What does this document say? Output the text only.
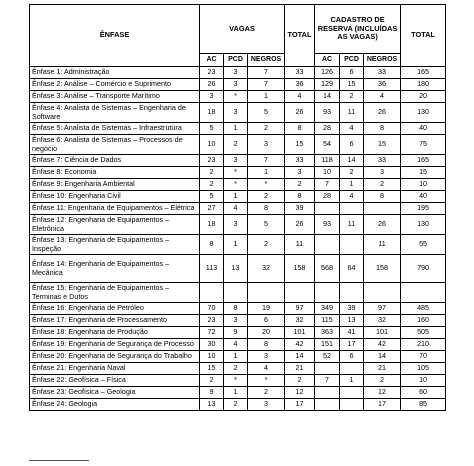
ÊNFASE	VAGAS			TOTAL	CADASTRO DE RESERVA (INCLUÍDAS AS VAGAS)			TOTAL
	AC	PCD	NEGROS		AC	PCD	NEGROS	
Ênfase 1: Administração	23	3	7	33	126	6	33	165
Ênfase 2: Análise – Comércio e Suprimento	26	3	7	36	129	15	36	180
Ênfase 3: Análise – Transporte Marítimo	3	*	1	4	14	2	4	20
Ênfase 4: Analista de Sistemas – Engenharia de Software	18	3	5	26	93	11	26	130
Ênfase 5: Analista de Sistemas – Infraestrutura	5	1	2	8	28	4	8	40
Ênfase 6: Analista de Sistemas – Processos de negócio	10	2	3	15	54	6	15	75
Ênfase 7: Ciência de Dados	23	3	7	33	118	14	33	165
Ênfase 8: Economia	2	*	1	3	10	2	3	15
Ênfase 9: Engenharia Ambiental	2	*	*	2	7	1	2	10
Ênfase 10: Engenharia Civil	5	1	2	8	28	4	8	40
Ênfase 11: Engenharia de Equipamentos – Elétrica	27	4	8	39				195
Ênfase 12: Engenharia de Equipamentos – Eletrônica	18	3	5	26	93	11	26	130
Ênfase 13: Engenharia de Equipamentos – Inspeção	8	1	2	11			11	55
Ênfase 14: Engenharia de Equipamentos – Mecânica	113	13	32	158	568	64	158	790
Ênfase 15: Engenharia de Equipamentos – Terminas e Dutos								
Ênfase 16: Engenharia de Petróleo	70	8	19	97	349	39	97	485
Ênfase 17: Engenharia de Processamento	23	3	6	32	115	13	32	160
Ênfase 18: Engenharia de Produção	72	9	20	101	363	41	101	505
Ênfase 19: Engenharia de Segurança de Processo	30	4	8	42	151	17	42	210
Ênfase 20: Engenharia de Segurança do Trabalho	10	1	3	14	52	6	14	70
Ênfase 21: Engenharia Naval	15	2	4	21			21	105
Ênfase 22: Geofísica – Física	2	*	*	2	7	1	2	10
Ênfase 23: Geofísica – Geologia	9	1	2	12			12	60
Ênfase 24: Geologia	13	2	3	17			17	85
